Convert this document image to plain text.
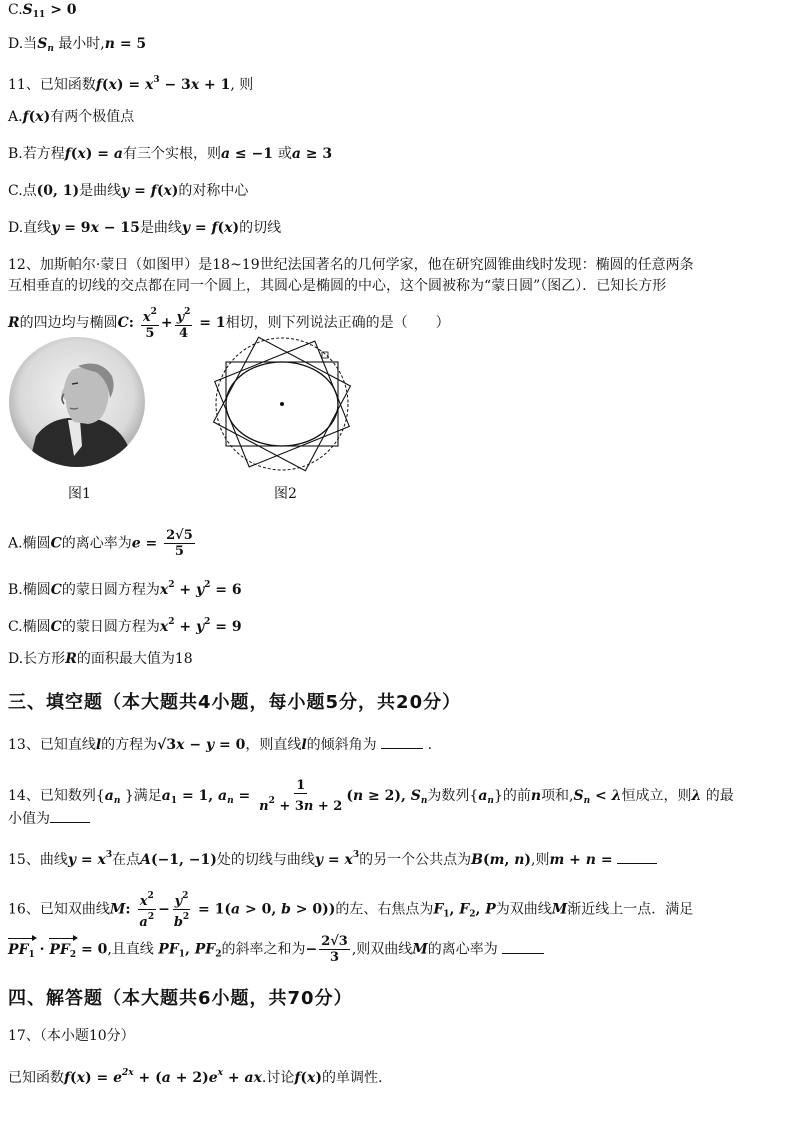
$C.S_{11} > 0$
D.当$S_n$ 最小时,n = 5
11、已知函数$f(x) = x^3 - 3x + 1$, 则
A.f(x)有两个极值点
B.若方程f(x) = a有三个实根，则a ≤ −1 或a ≥ 3
C.点(0, 1)是曲线y = f(x)的对称中心
D.直线y = 9x − 15是曲线y = f(x)的切线
12、加斯帕尔·蒙日（如图甲）是18~19世纪法国著名的几何学家，他在研究圆锥曲线时发现：椭圆的任意两条
互相垂直的切线的交点都在同一个圆上，其圆心是椭圆的中心，这个圆被称为“蒙日圆”（图乙）．已知长方形
R的四边均与椭圆C: $\frac{x^2}{5} + \frac{y^2}{4} = 1$相切，则下列说法正确的是（　　）
图1	图2
A.椭圆C的离心率为$e = \frac{2√5}{5}$
B.椭圆C的蒙日圆方程为$x^2 + y^2 = 6$
C.椭圆C的蒙日圆方程为$x^2 + y^2 = 9$
D.长方形R的面积最大值为18
三、填空题（本大题共4小题，每小题5分，共20分）
13、已知直线l的方程为√3x − y = 0，则直线l的倾斜角为	.
14、已知数列{$a_n$ }满足$a_1 = 1$, $a_n = \frac{1}{n^2 + 3n + 2} (n \ge 2)$, $S_n$为数列$\{a_n\}$的前n项和$,S_n < \lambda$恒成立，则λ 的最
小值为
15、曲线$y = x^3$在点A(−1, −1)处的切线与曲线$y = x^3$的另一个公共点为B(m, n),则m + n =
16、已知双曲线M: $\frac{x^2}{a^2} - \frac{y^2}{b^2} = 1(a > 0$, b > 0))的左、右焦点为$F_1$, $F_2$, P为双曲线M渐近线上一点．满足
$PF_1 \cdot PF_2 = 0$,且直线 $PF_1$, $PF_2$的斜率之和为− $\frac{2√3}{3}$ ,则双曲线M的离心率为
四、解答题（本大题共6小题，共70分）
17、（本小题10分）
已知函数$f(x) = e^{2x} + (a + 2)e^x$ + ax.讨论f(x)的单调性.
